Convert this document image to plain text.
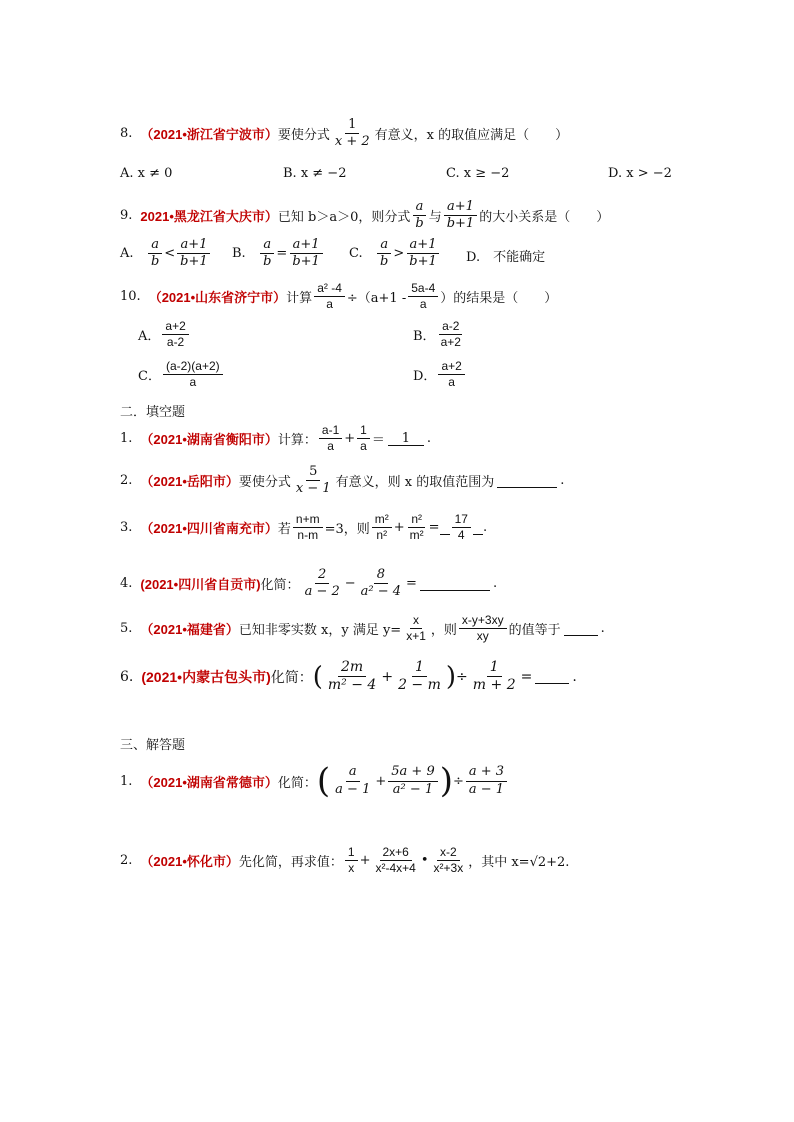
8. （2021•浙江省宁波市） 要使分式 $\frac{1}{x + 2}$ 有意义，x 的取值应满足（　　）
A. x ≠ 0	B. x ≠ −2	C. x ≥ −2	D. x > −2
9. 2021•黑龙江省大庆市） 已知 b＞a＞0，则分式 $\frac{a}{b}$ 与 $\frac{a+1}{b+1}$ 的大小关系是（　　）
A.
$\frac{a}{b} < \frac{a+1}{b+1} B$.
$\frac{a}{b} = \frac{a+1}{b+1} C$.
$\frac{a}{b} > \frac{a+1}{b+1} D$.　不能确定
10. （2021•山东省济宁市） 计算 $\frac{\text{a² -4}}{a} \div(a+1 - \frac{5a-4}{a}$ ）的结果是（　　）
A． $\frac{a+2}{a-2}$	B． $\frac{a-2}{a+2}$
C． $\frac{(a-2)(a+2)}{a}$	D． $\frac{a+2}{a}$
二．填空题
1. （2021•湖南省衡阳市） 计算： $\frac{a-1}{a} + \frac{1}{a}$ ＝	1	.
2. （2021•岳阳市） 要使分式 $\frac{5}{x - 1}$ 有意义，则 x 的取值范围为	.
3. （2021•四川省南充市） 若 $\frac{n+m}{n-m} =3$，则 $\frac{\text{m²}}{\text{n²}} + \frac{\text{n²}}{\text{m²}} = \frac{17}{4}$ .
4. (2021•四川省自贡市) 化简： $\frac{2}{a - 2} - \frac{8}{\text{a² − 4}}$ =	.
5. （2021•福建省） 已知非零实数 x，y 满足 $y= \frac{x}{x+1}$ ，则 $\frac{x-y+3xy}{xy}$ 的值等于	.
6. (2021•内蒙古包头市) 化简： ( $\frac{2m}{\text{m² − 4}} + \frac{1}{2 - m}$ ) ÷ $\frac{1}{m + 2}$ =	.
三、解答题
1. （2021•湖南省常德市） 化简： ( $\frac{a}{a - 1} + \frac{5a + 9}{\text{a² − 1}}$ ) ÷ $\frac{a + 3}{a - 1}$
2. （2021•怀化市） 先化简，再求值： $\frac{1}{x} + \frac{2x+6}{\text{x²-4x+4}}$ • $\frac{x-2}{\text{x²+3x}}$ ，其中 x=√2+2.
